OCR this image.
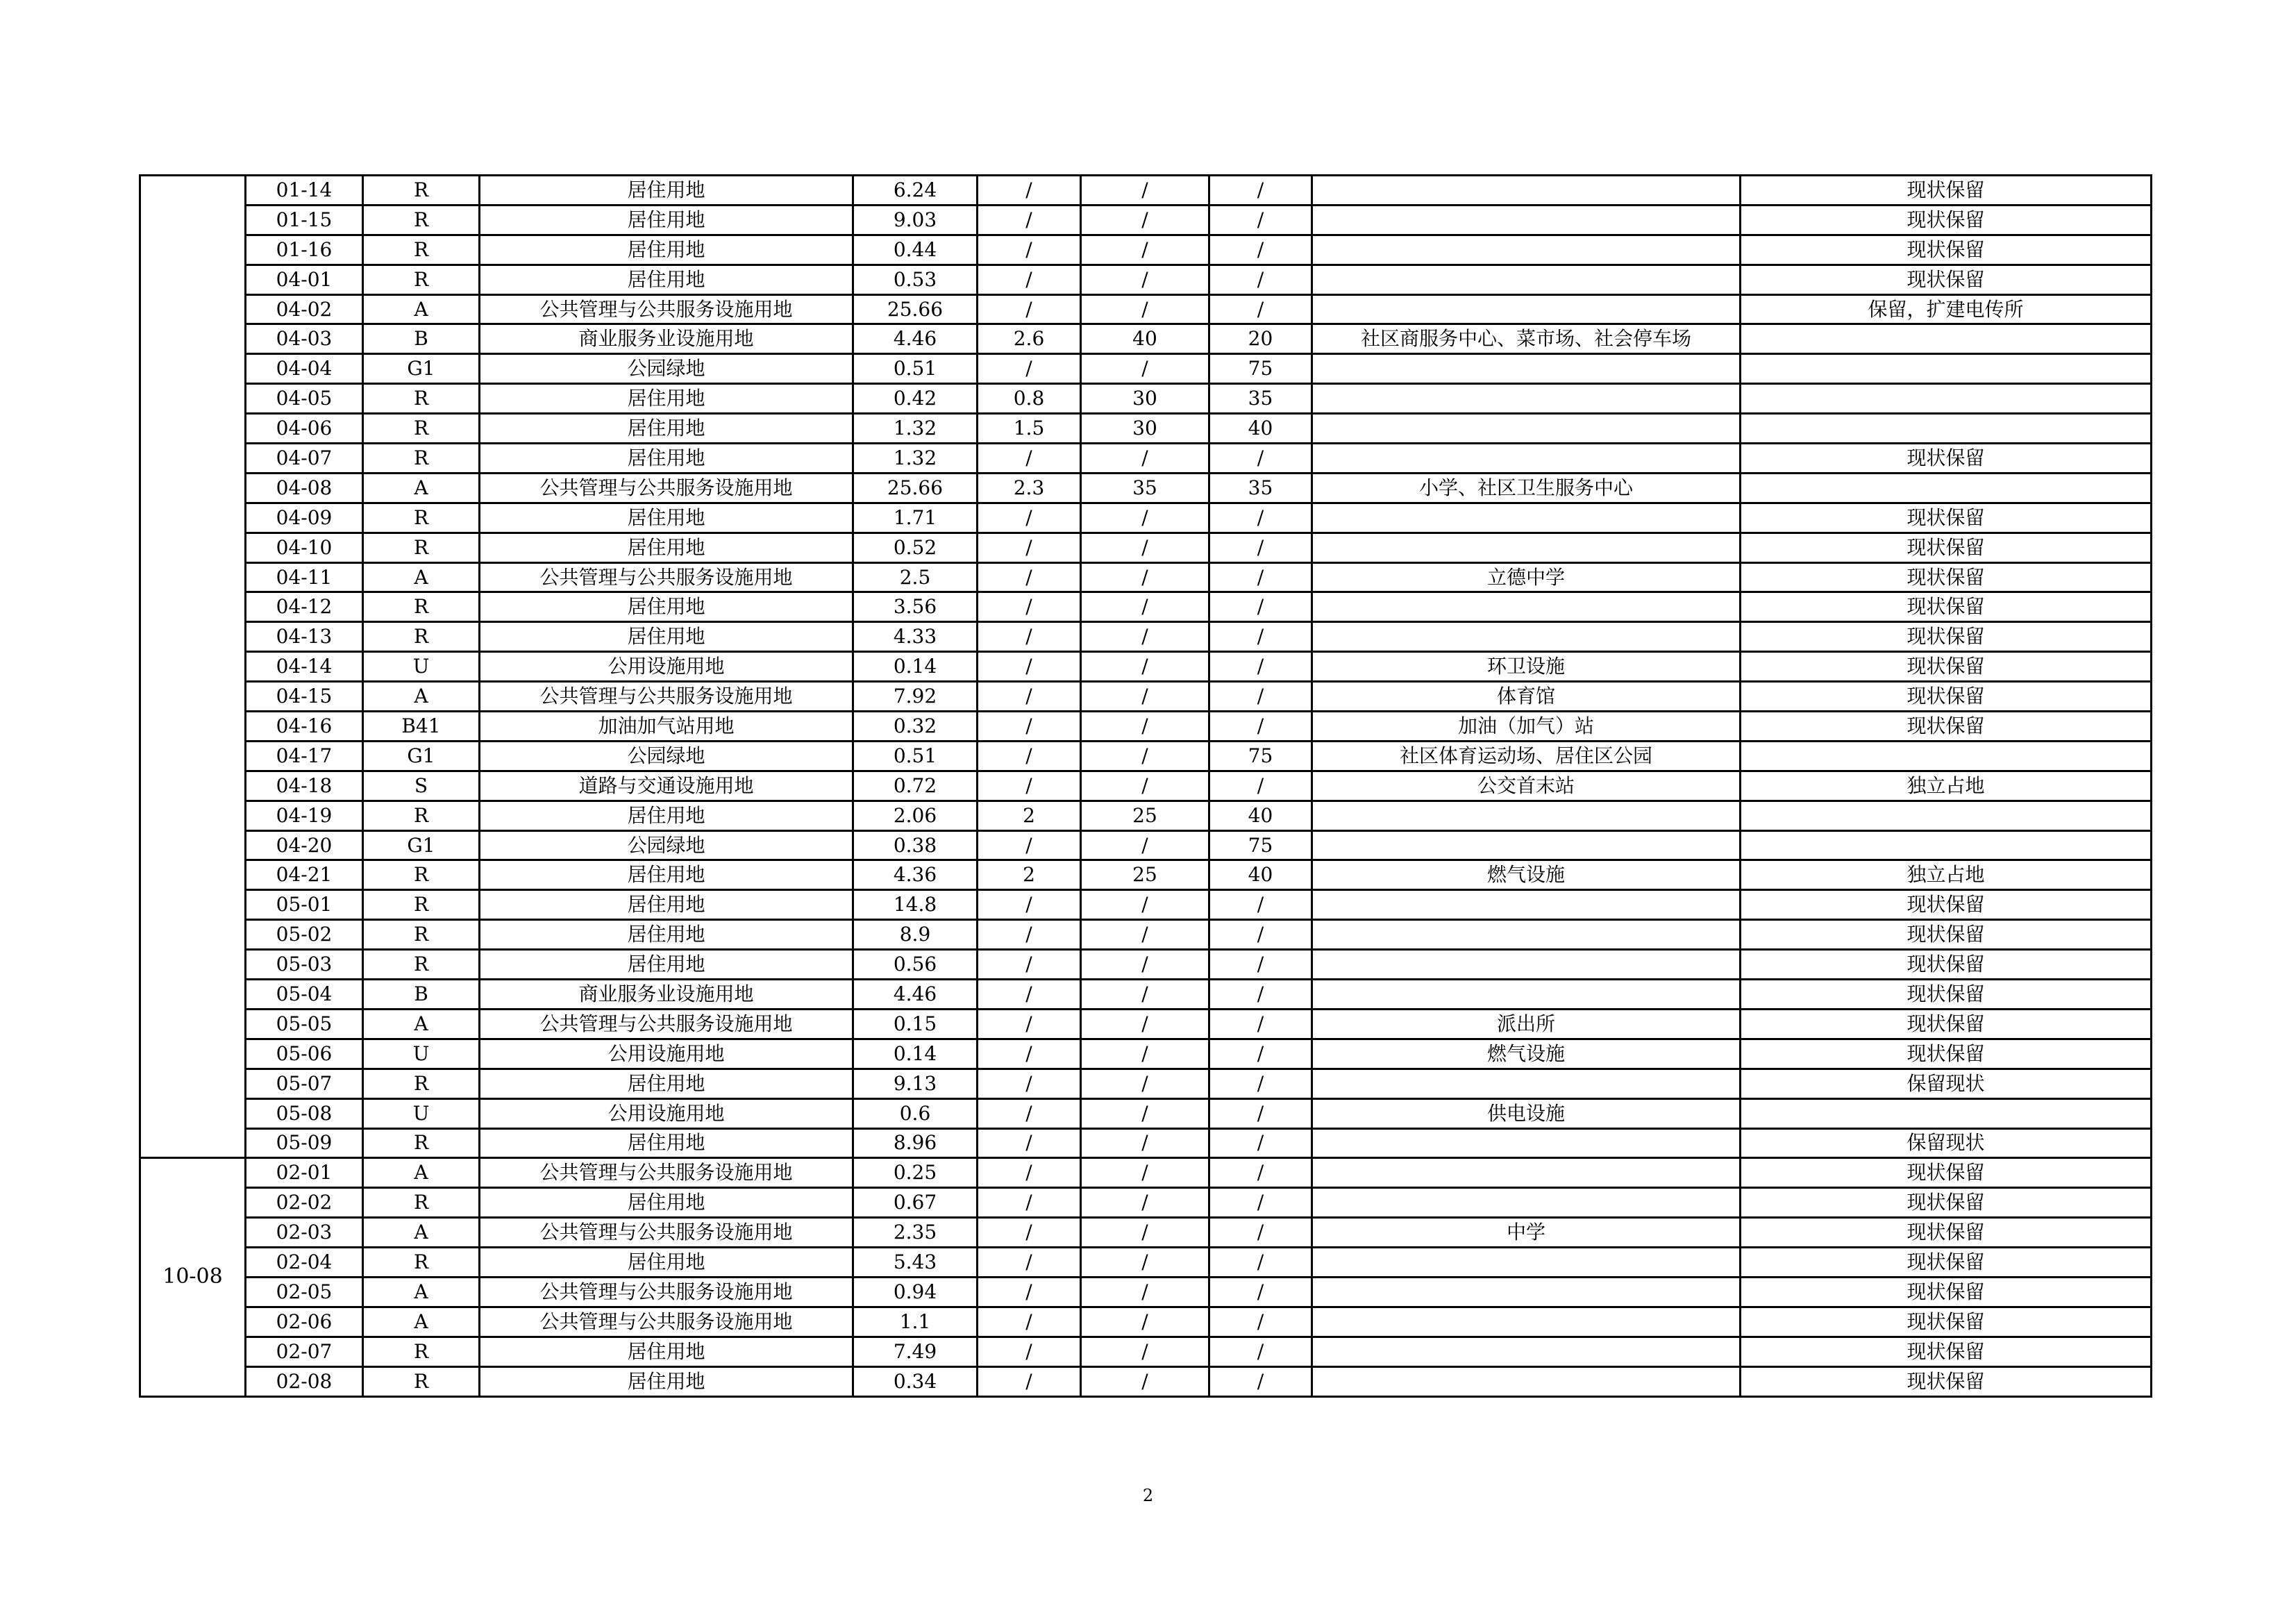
	01-14	R	居住用地	6.24	/	/	/		现状保留
	01-15	R	居住用地	9.03	/	/	/		现状保留
	01-16	R	居住用地	0.44	/	/	/		现状保留
	04-01	R	居住用地	0.53	/	/	/		现状保留
	04-02	A	公共管理与公共服务设施用地	25.66	/	/	/		保留，扩建电传所
	04-03	B	商业服务业设施用地	4.46	2.6	40	20	社区商服务中心、菜市场、社会停车场	
	04-04	G1	公园绿地	0.51	/	/	75		
	04-05	R	居住用地	0.42	0.8	30	35		
	04-06	R	居住用地	1.32	1.5	30	40		
	04-07	R	居住用地	1.32	/	/	/		现状保留
	04-08	A	公共管理与公共服务设施用地	25.66	2.3	35	35	小学、社区卫生服务中心	
	04-09	R	居住用地	1.71	/	/	/		现状保留
	04-10	R	居住用地	0.52	/	/	/		现状保留
	04-11	A	公共管理与公共服务设施用地	2.5	/	/	/	立德中学	现状保留
	04-12	R	居住用地	3.56	/	/	/		现状保留
	04-13	R	居住用地	4.33	/	/	/		现状保留
	04-14	U	公用设施用地	0.14	/	/	/	环卫设施	现状保留
	04-15	A	公共管理与公共服务设施用地	7.92	/	/	/	体育馆	现状保留
	04-16	B41	加油加气站用地	0.32	/	/	/	加油（加气）站	现状保留
	04-17	G1	公园绿地	0.51	/	/	75	社区体育运动场、居住区公园	
	04-18	S	道路与交通设施用地	0.72	/	/	/	公交首末站	独立占地
	04-19	R	居住用地	2.06	2	25	40		
	04-20	G1	公园绿地	0.38	/	/	75		
	04-21	R	居住用地	4.36	2	25	40	燃气设施	独立占地
	05-01	R	居住用地	14.8	/	/	/		现状保留
	05-02	R	居住用地	8.9	/	/	/		现状保留
	05-03	R	居住用地	0.56	/	/	/		现状保留
	05-04	B	商业服务业设施用地	4.46	/	/	/		现状保留
	05-05	A	公共管理与公共服务设施用地	0.15	/	/	/	派出所	现状保留
	05-06	U	公用设施用地	0.14	/	/	/	燃气设施	现状保留
	05-07	R	居住用地	9.13	/	/	/		保留现状
	05-08	U	公用设施用地	0.6	/	/	/	供电设施	
	05-09	R	居住用地	8.96	/	/	/		保留现状
10-08	02-01	A	公共管理与公共服务设施用地	0.25	/	/	/		现状保留
	02-02	R	居住用地	0.67	/	/	/		现状保留
	02-03	A	公共管理与公共服务设施用地	2.35	/	/	/	中学	现状保留
	02-04	R	居住用地	5.43	/	/	/		现状保留
	02-05	A	公共管理与公共服务设施用地	0.94	/	/	/		现状保留
	02-06	A	公共管理与公共服务设施用地	1.1	/	/	/		现状保留
	02-07	R	居住用地	7.49	/	/	/		现状保留
	02-08	R	居住用地	0.34	/	/	/		现状保留
2
